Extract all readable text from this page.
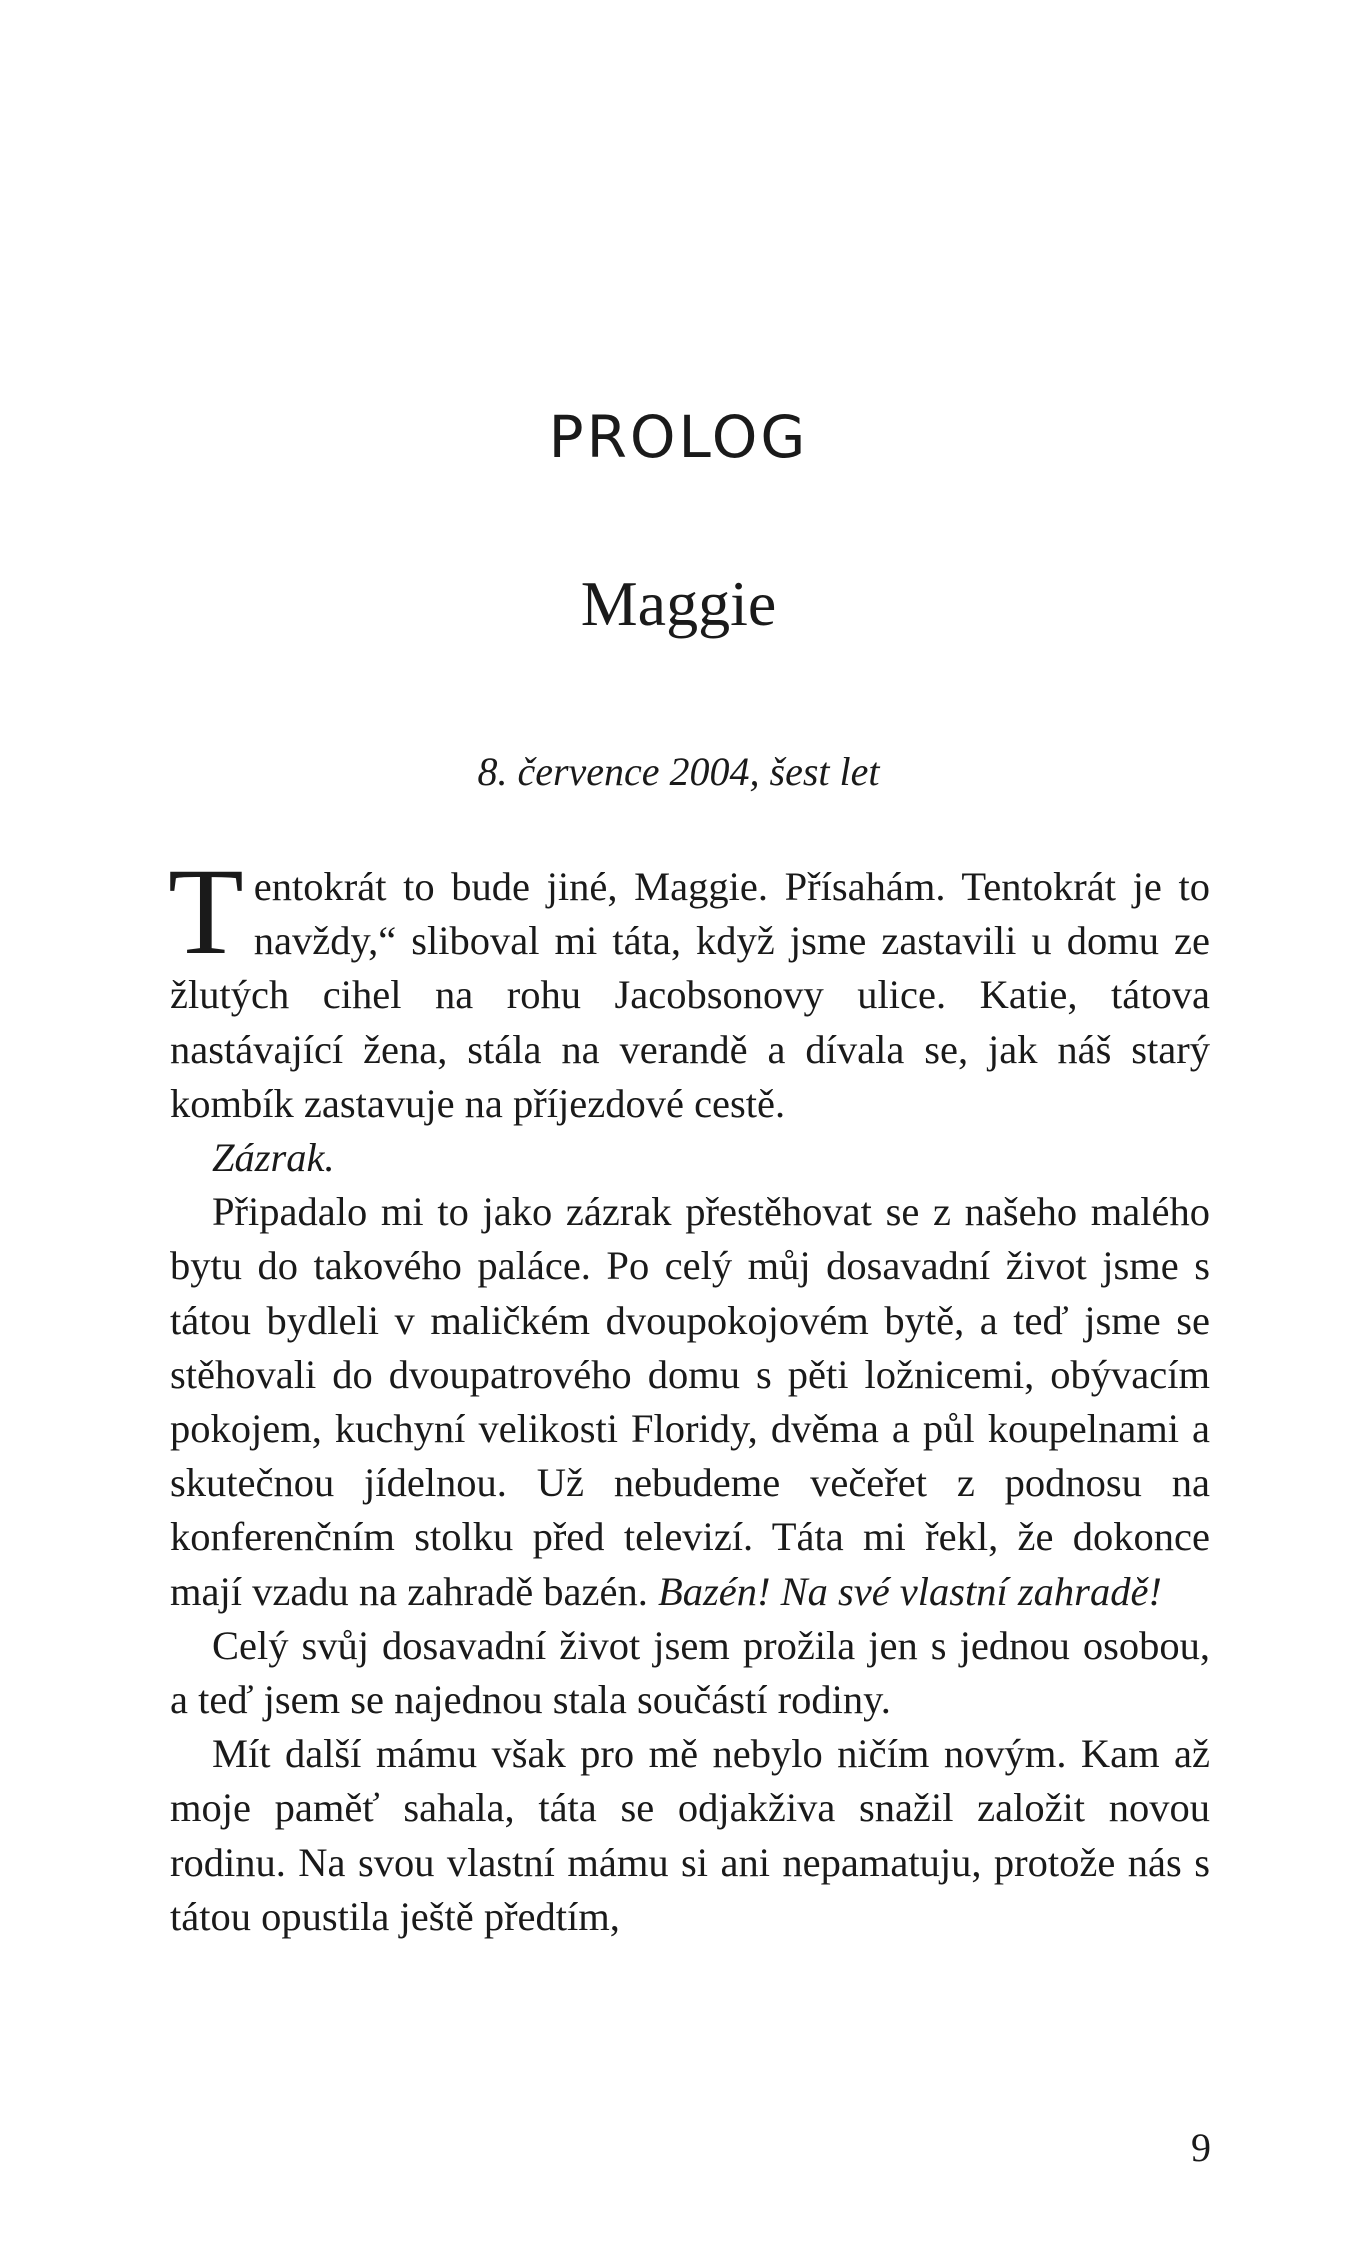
PROLOG
Maggie
8. července 2004, šest let

Tentokrát to bude jiné, Maggie. Přísahám. Tentokrát je to navždy,“ sliboval mi táta, když jsme zastavili u domu ze žlutých cihel na rohu Jacobsonovy ulice. Katie, tátova nastávající žena, stála na verandě a dívala se, jak náš starý kombík zastavuje na příjezdové cestě.

Zázrak.

Připadalo mi to jako zázrak přestěhovat se z našeho malého bytu do takového paláce. Po celý můj dosavadní život jsme s tátou bydleli v maličkém dvoupokojovém bytě, a teď jsme se stěhovali do dvoupatrového domu s pěti ložnicemi, obývacím pokojem, kuchyní velikosti Floridy, dvěma a půl koupelnami a skutečnou jídelnou. Už nebudeme večeřet z podnosu na konferenčním stolku před televizí. Táta mi řekl, že dokonce mají vzadu na zahradě bazén. Bazén! Na své vlastní zahradě!

Celý svůj dosavadní život jsem prožila jen s jednou osobou, a teď jsem se najednou stala součástí rodiny.

Mít další mámu však pro mě nebylo ničím novým. Kam až moje paměť sahala, táta se odjakživa snažil založit novou rodinu. Na svou vlastní mámu si ani nepamatuju, protože nás s tátou opustila ještě předtím,

9
